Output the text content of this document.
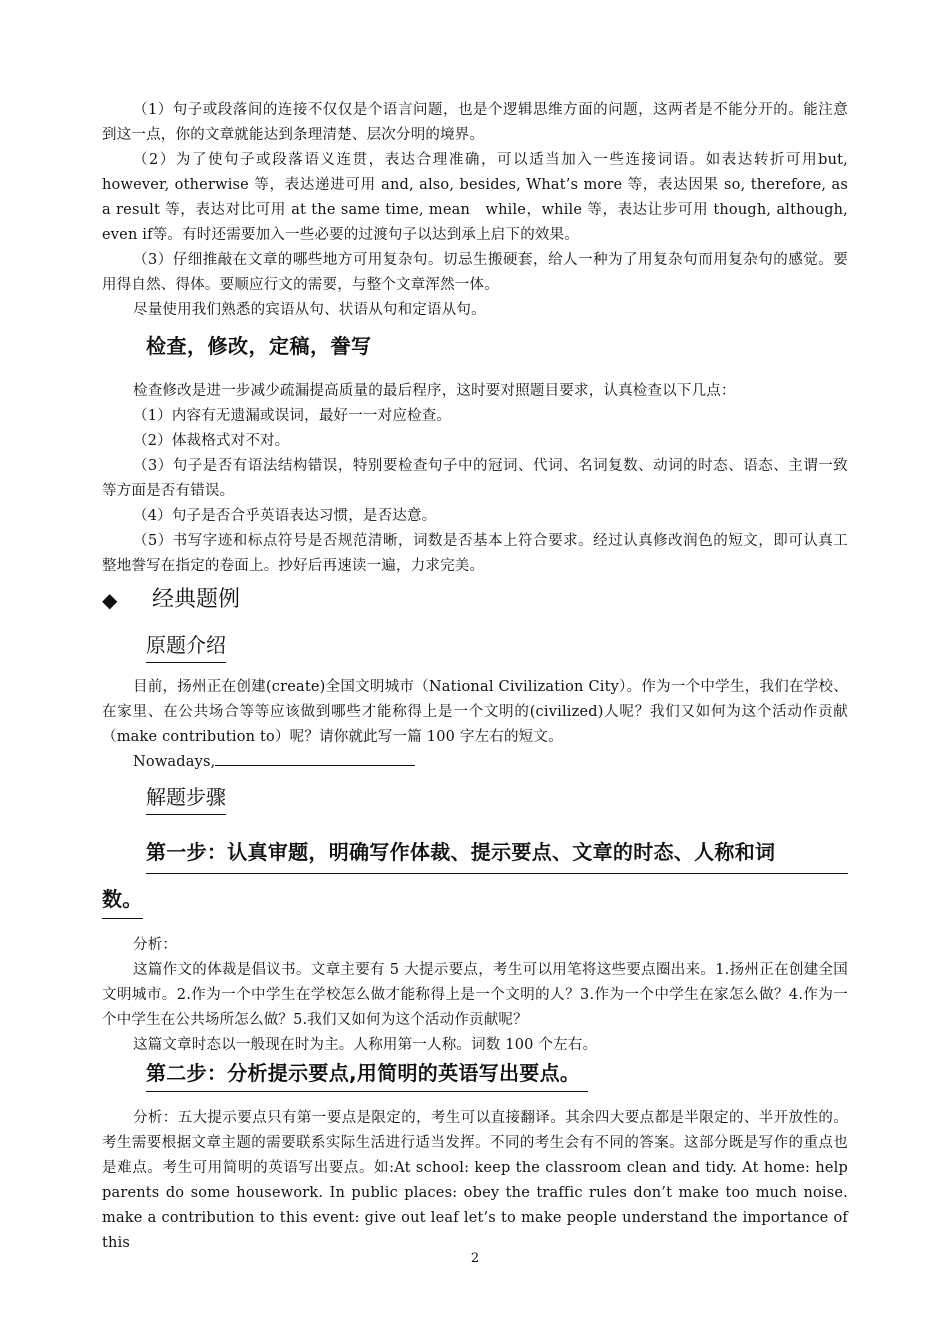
（1）句子或段落间的连接不仅仅是个语言问题，也是个逻辑思维方面的问题，这两者是不能分开的。能注意到这一点，你的文章就能达到条理清楚、层次分明的境界。

（2）为了使句子或段落语义连贯，表达合理准确，可以适当加入一些连接词语。如表达转折可用but, however, otherwise 等，表达递进可用 and, also, besides, What’s more 等，表达因果 so, therefore, as a result 等，表达对比可用 at the same time, mean　while，while 等，表达让步可用 though, although, even if等。有时还需要加入一些必要的过渡句子以达到承上启下的效果。

（3）仔细推敲在文章的哪些地方可用复杂句。切忌生搬硬套，给人一种为了用复杂句而用复杂句的感觉。要用得自然、得体。要顺应行文的需要，与整个文章浑然一体。

尽量使用我们熟悉的宾语从句、状语从句和定语从句。

检查，修改，定稿，誊写

检查修改是进一步减少疏漏提高质量的最后程序，这时要对照题目要求，认真检查以下几点：

（1）内容有无遗漏或误词，最好一一对应检查。

（2）体裁格式对不对。

（3）句子是否有语法结构错误，特别要检查句子中的冠词、代词、名词复数、动词的时态、语态、主谓一致等方面是否有错误。

（4）句子是否合乎英语表达习惯，是否达意。

（5）书写字迹和标点符号是否规范清晰，词数是否基本上符合要求。经过认真修改润色的短文，即可认真工整地誊写在指定的卷面上。抄好后再速读一遍，力求完美。

◆	经典题例
原题介绍

目前，扬州正在创建(create)全国文明城市（National Civilization City）。作为一个中学生，我们在学校、在家里、在公共场合等等应该做到哪些才能称得上是一个文明的(civilized)人呢？我们又如何为这个活动作贡献（make contribution to）呢？请你就此写一篇 100 字左右的短文。

Nowadays,

解题步骤
第一步：认真审题，明确写作体裁、提示要点、文章的时态、人称和词
数。

分析：

这篇作文的体裁是倡议书。文章主要有 5 大提示要点，考生可以用笔将这些要点圈出来。1.扬州正在创建全国文明城市。2.作为一个中学生在学校怎么做才能称得上是一个文明的人？3.作为一个中学生在家怎么做？4.作为一个中学生在公共场所怎么做？5.我们又如何为这个活动作贡献呢？

这篇文章时态以一般现在时为主。人称用第一人称。词数 100 个左右。

第二步：分析提示要点,用简明的英语写出要点。

分析：五大提示要点只有第一要点是限定的，考生可以直接翻译。其余四大要点都是半限定的、半开放性的。考生需要根据文章主题的需要联系实际生活进行适当发挥。不同的考生会有不同的答案。这部分既是写作的重点也是难点。考生可用简明的英语写出要点。如:At school: keep the classroom clean and tidy. At home: help parents do some housework. In public places: obey the traffic rules don’t make too much noise. make a contribution to this event: give out leaf let’s to make people understand the importance of this

2
